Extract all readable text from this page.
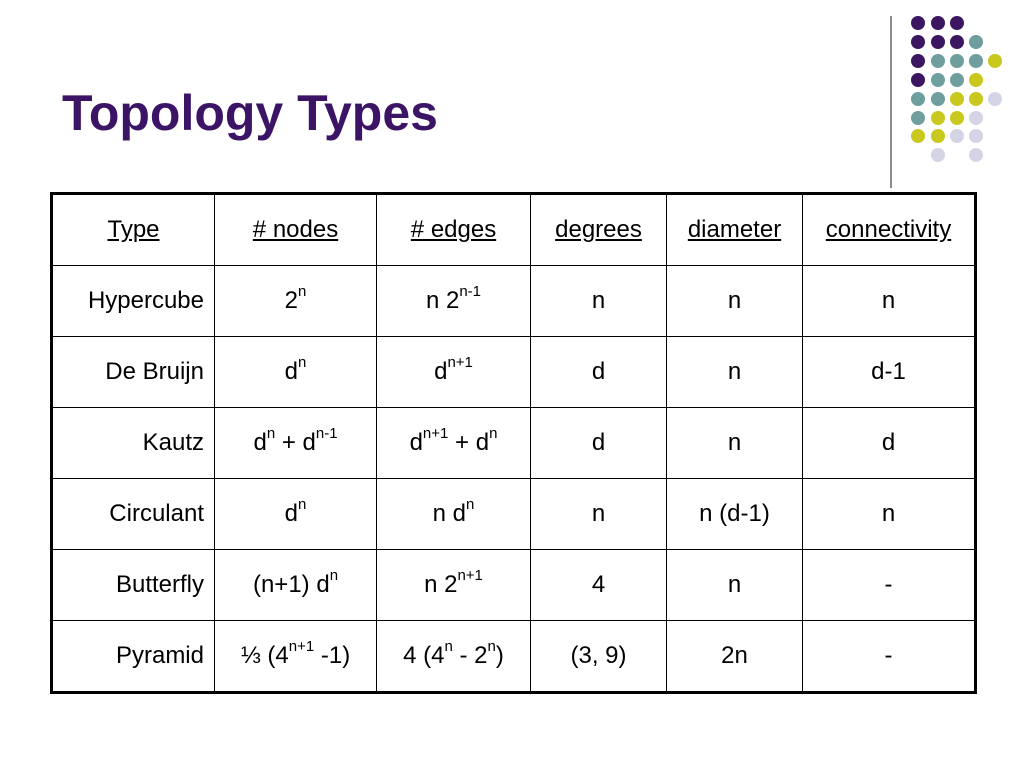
Topology Types
Type	# nodes	# edges	degrees	diameter	connectivity
Hypercube	2$^n$	n 2$^{n-1}$	n	n	n
De Bruijn	$d^n$	$d^{n+1}$	d	n	d-1
Kautz	$d^n + d^{n-1}$	$d^{n+1} + d^n$	d	n	d
Circulant	$d^n$	n $d^n$	n	n (d-1)	n
Butterfly	(n+1) $d^n$	n $2^{n+1}$	4	n	-
Pyramid	⅓ ($4^{n+1}$ -1)	4 (4$^n$ - 2$^n$)	(3, 9)	2n	-
